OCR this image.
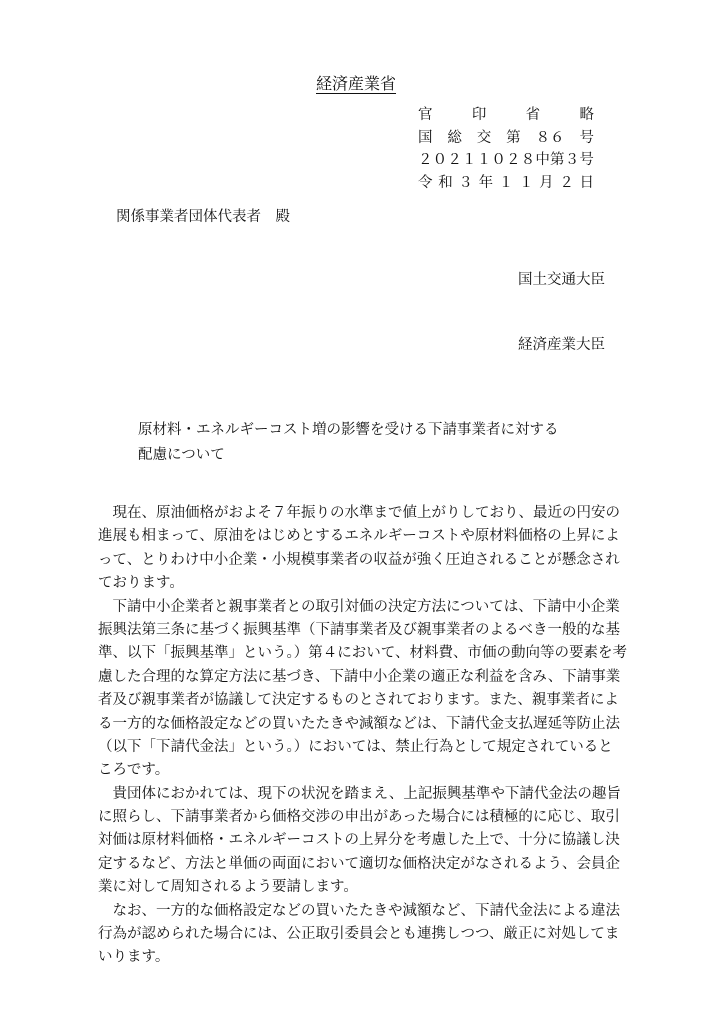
経済産業省
官	印	省	略
国 総 交 第 ８６ 号
２ ０ ２ １ １ ０ ２ ８ 中 第 ３ 号
令 和 ３ 年 １ １ 月 ２ 日
関係事業者団体代表者　殿
国土交通大臣
経済産業大臣
原材料・エネルギーコスト増の影響を受ける下請事業者に対する
配慮について
　現在、原油価格がおよそ７年振りの水準まで値上がりしており、最近の円安の
進展も相まって、原油をはじめとするエネルギーコストや原材料価格の上昇によ
って、とりわけ中小企業・小規模事業者の収益が強く圧迫されることが懸念され
ております。
　下請中小企業者と親事業者との取引対価の決定方法については、下請中小企業
振興法第三条に基づく振興基準（下請事業者及び親事業者のよるべき一般的な基
準、以下「振興基準」という。）第４において、材料費、市価の動向等の要素を考
慮した合理的な算定方法に基づき、下請中小企業の適正な利益を含み、下請事業
者及び親事業者が協議して決定するものとされております。また、親事業者によ
る一方的な価格設定などの買いたたきや減額などは、下請代金支払遅延等防止法
（以下「下請代金法」という。）においては、禁止行為として規定されていると
ころです。
　貴団体におかれては、現下の状況を踏まえ、上記振興基準や下請代金法の趣旨
に照らし、下請事業者から価格交渉の申出があった場合には積極的に応じ、取引
対価は原材料価格・エネルギーコストの上昇分を考慮した上で、十分に協議し決
定するなど、方法と単価の両面において適切な価格決定がなされるよう、会員企
業に対して周知されるよう要請します。
　なお、一方的な価格設定などの買いたたきや減額など、下請代金法による違法
行為が認められた場合には、公正取引委員会とも連携しつつ、厳正に対処してま
いります。
